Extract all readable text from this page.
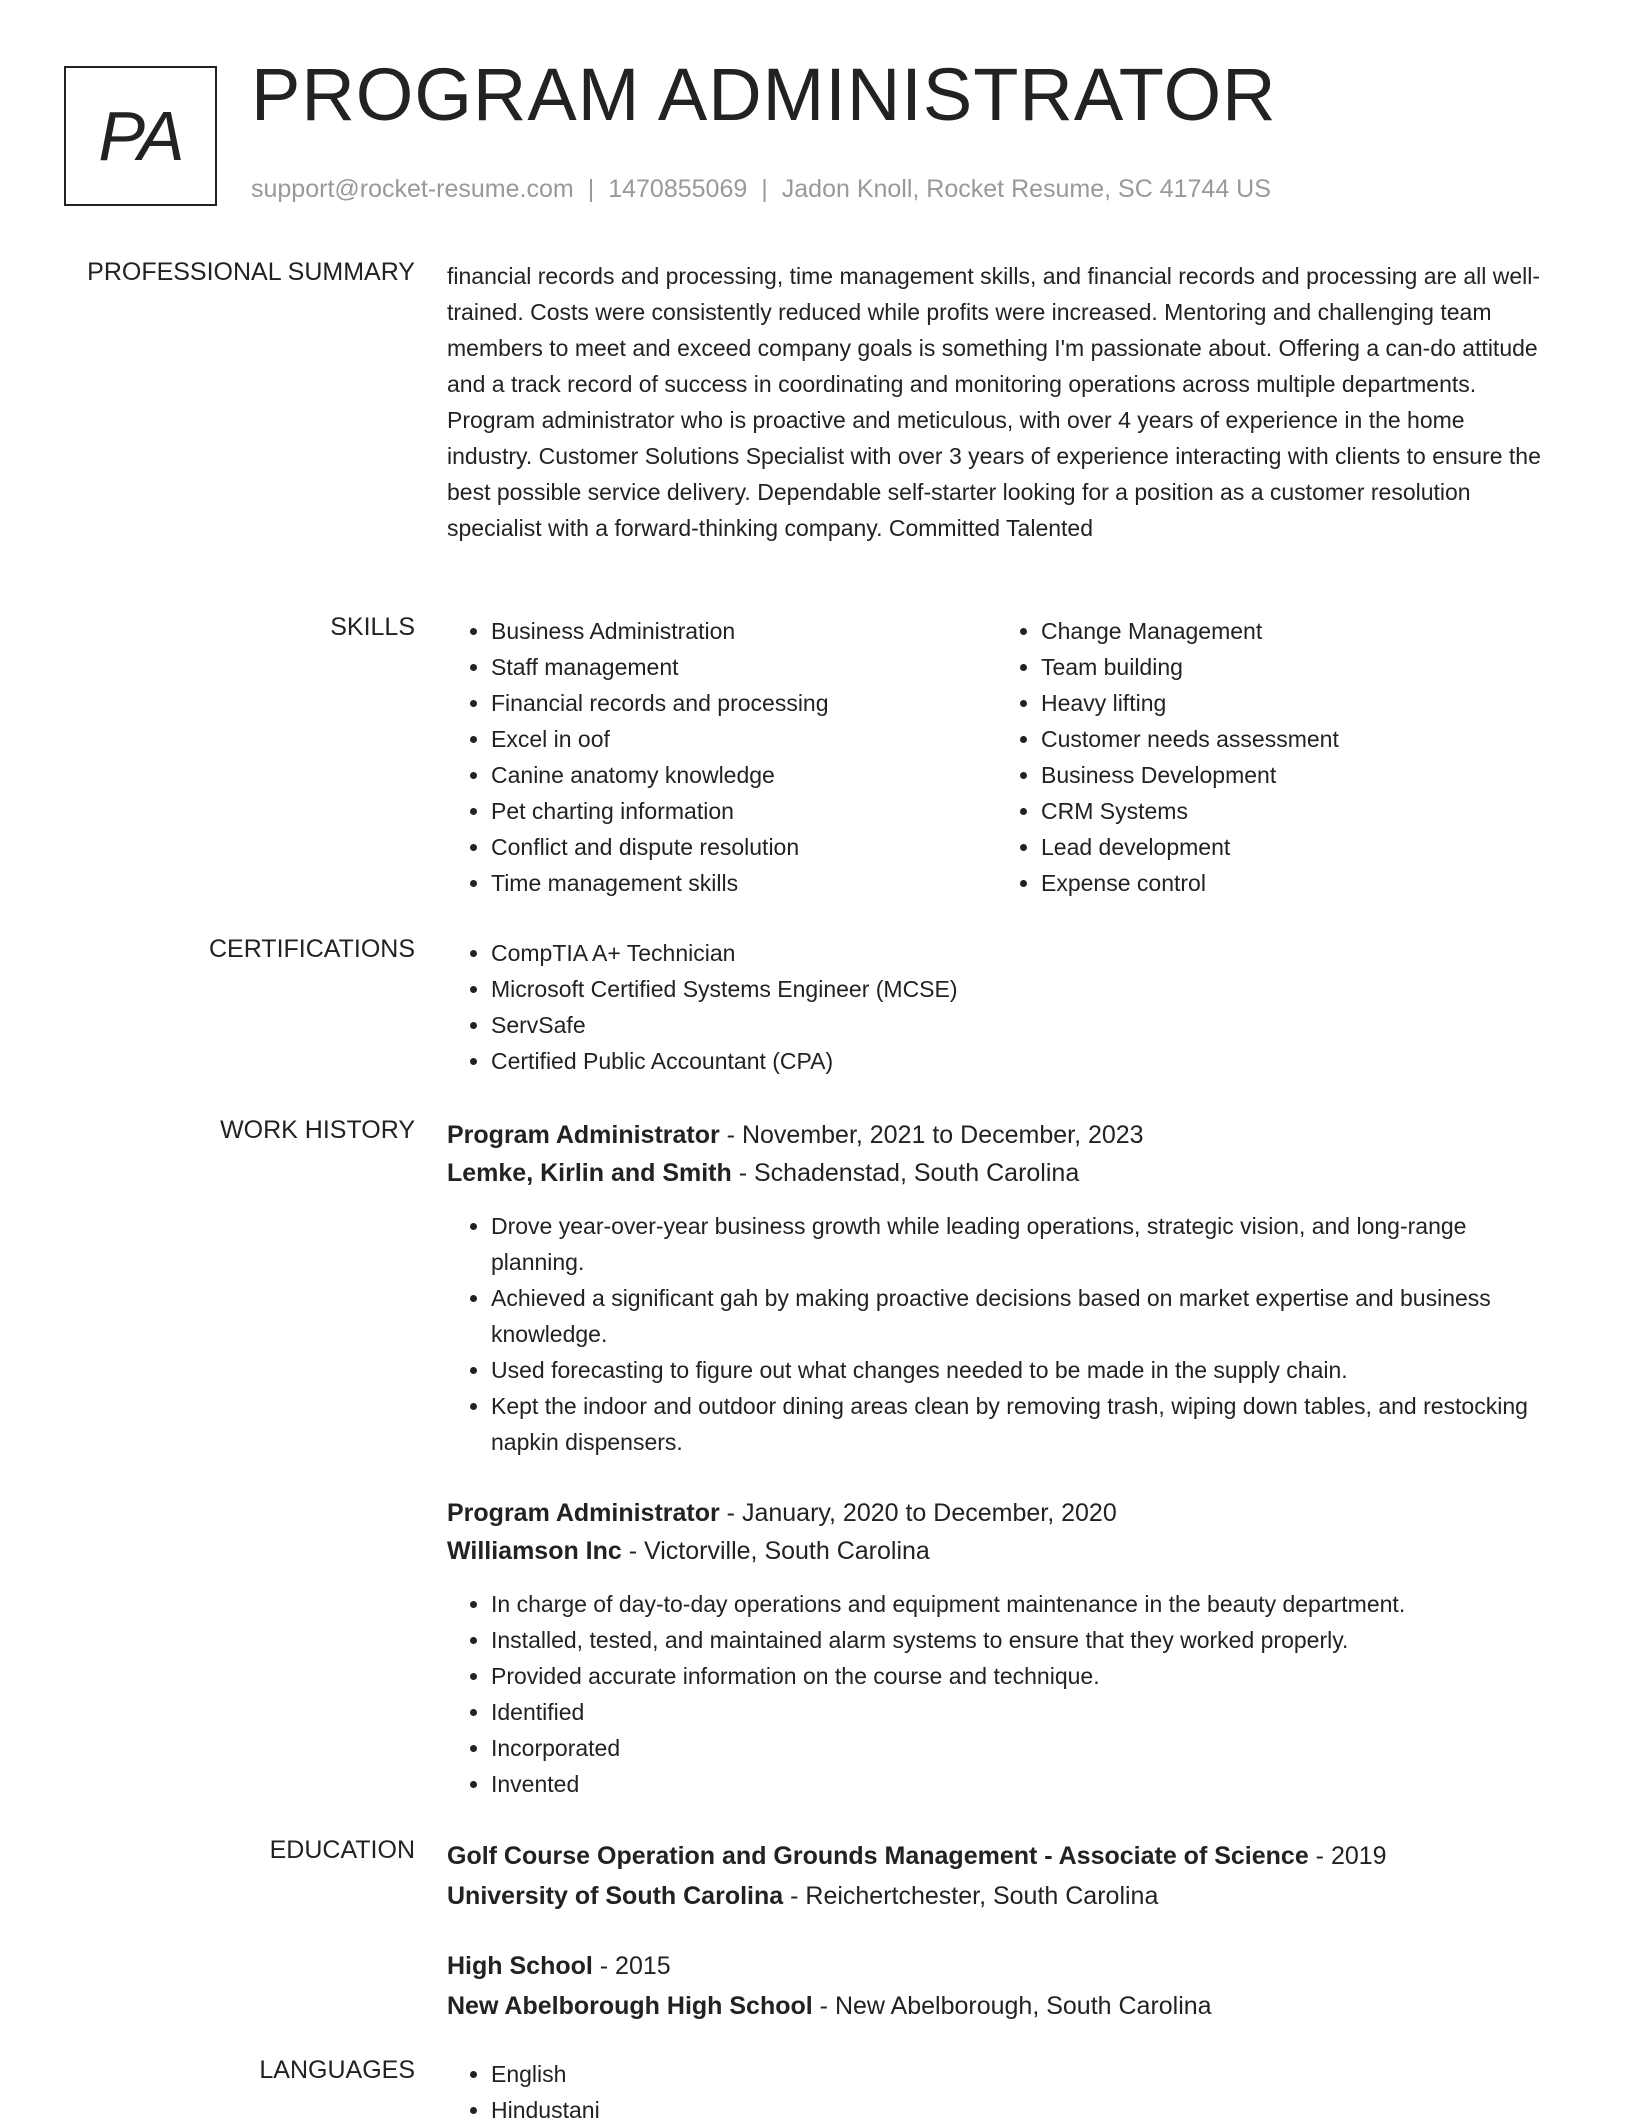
PA PROGRAM ADMINISTRATOR
support@rocket-resume.com | 1470855069 | Jadon Knoll, Rocket Resume, SC 41744 US
PROFESSIONAL SUMMARY financial records and processing, time management skills, and financial records and processing are all well-trained. Costs were consistently reduced while profits were increased. Mentoring and challenging team members to meet and exceed company goals is something I'm passionate about. Offering a can-do attitude and a track record of success in coordinating and monitoring operations across multiple departments. Program administrator who is proactive and meticulous, with over 4 years of experience in the home industry. Customer Solutions Specialist with over 3 years of experience interacting with clients to ensure the best possible service delivery. Dependable self-starter looking for a position as a customer resolution specialist with a forward-thinking company. Committed Talented

SKILLS	• Business Administration
• Staff management
• Financial records and processing
• Excel in oof
• Canine anatomy knowledge
• Pet charting information
• Conflict and dispute resolution
• Time management skills
• Change Management
• Team building
• Heavy lifting
• Customer needs assessment
• Business Development
• CRM Systems
• Lead development
• Expense control
CERTIFICATIONS	• CompTIA A+ Technician
• Microsoft Certified Systems Engineer (MCSE)
• ServSafe
• Certified Public Accountant (CPA)
WORK HISTORY Program Administrator - November, 2021 to December, 2023
Lemke, Kirlin and Smith - Schadenstad, South Carolina
• Drove year-over-year business growth while leading operations, strategic vision, and long-range planning.
• Achieved a significant gah by making proactive decisions based on market expertise and business knowledge.
• Used forecasting to figure out what changes needed to be made in the supply chain.
• Kept the indoor and outdoor dining areas clean by removing trash, wiping down tables, and restocking napkin dispensers.
Program Administrator - January, 2020 to December, 2020
Williamson Inc - Victorville, South Carolina
• In charge of day-to-day operations and equipment maintenance in the beauty department.
• Installed, tested, and maintained alarm systems to ensure that they worked properly.
• Provided accurate information on the course and technique.
• Identified
• Incorporated
• Invented
EDUCATION Golf Course Operation and Grounds Management - Associate of Science - 2019
University of South Carolina - Reichertchester, South Carolina
High School - 2015
New Abelborough High School - New Abelborough, South Carolina
LANGUAGES	• English
• Hindustani
